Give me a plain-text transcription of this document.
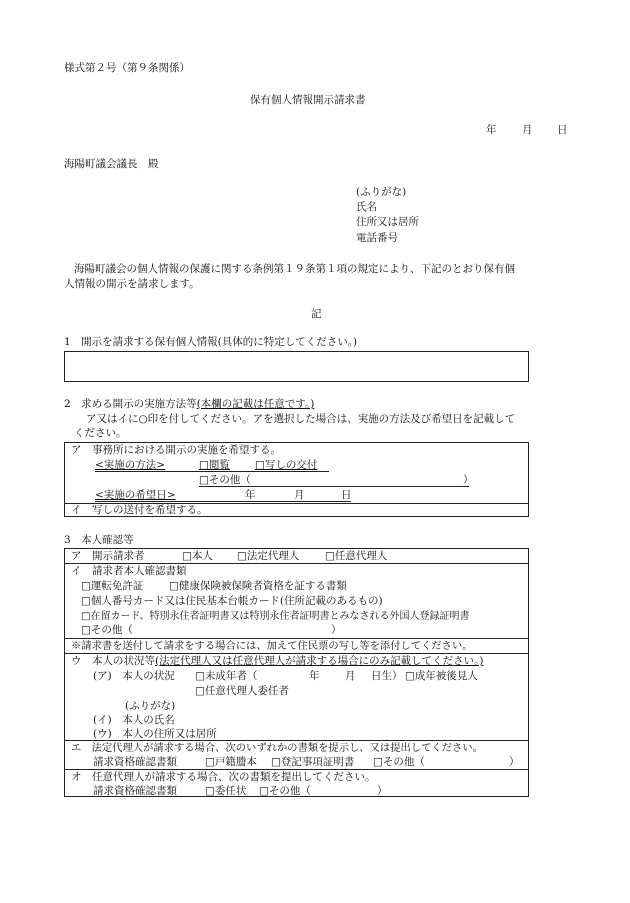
様式第２号（第９条関係）
保有個人情報開示請求書
年 月 日
海陽町議会議長　殿
(ふりがな)
氏名
住所又は居所
電話番号
海陽町議会の個人情報の保護に関する条例第１９条第１項の規定により、下記のとおり保有個
人情報の開示を請求します。
記
1　開示を請求する保有個人情報(具体的に特定してください。)
2　求める開示の実施方法等(本欄の記載は任意です。)
ア又はイに○印を付してください。アを選択した場合は、実施の方法及び希望日を記載して
ください。
ア　事務所における開示の実施を希望する。
<実施の方法>	□閲覧 □写しの交付
□その他（	）
<実施の希望日>	年	月	日
イ　写しの送付を希望する。
3　本人確認等
ア　開示請求者	□本人 □法定代理人 □任意代理人
イ　請求者本人確認書類
□運転免許証 □健康保険被保険者資格を証する書類
□個人番号カード又は住民基本台帳カード(住所記載のあるもの)
□在留カード、特別永住者証明書又は特別永住者証明書とみなされる外国人登録証明書
□その他（	）
※請求書を送付して請求をする場合には、加えて住民票の写し等を添付してください。
ウ　本人の状況等(法定代理人又は任意代理人が請求する場合にのみ記載してください。)
(ア)　本人の状況 □未成年者（	年 月 日生） □成年被後見人
□任意代理人委任者
(ふりがな)
(イ)　本人の氏名
(ウ)　本人の住所又は居所
エ　法定代理人が請求する場合、次のいずれかの書類を提示し、又は提出してください。
請求資格確認書類	□戸籍謄本 □登記事項証明書 □その他（	）
オ　任意代理人が請求する場合、次の書類を提出してください。
請求資格確認書類	□委任状 □その他（	）
